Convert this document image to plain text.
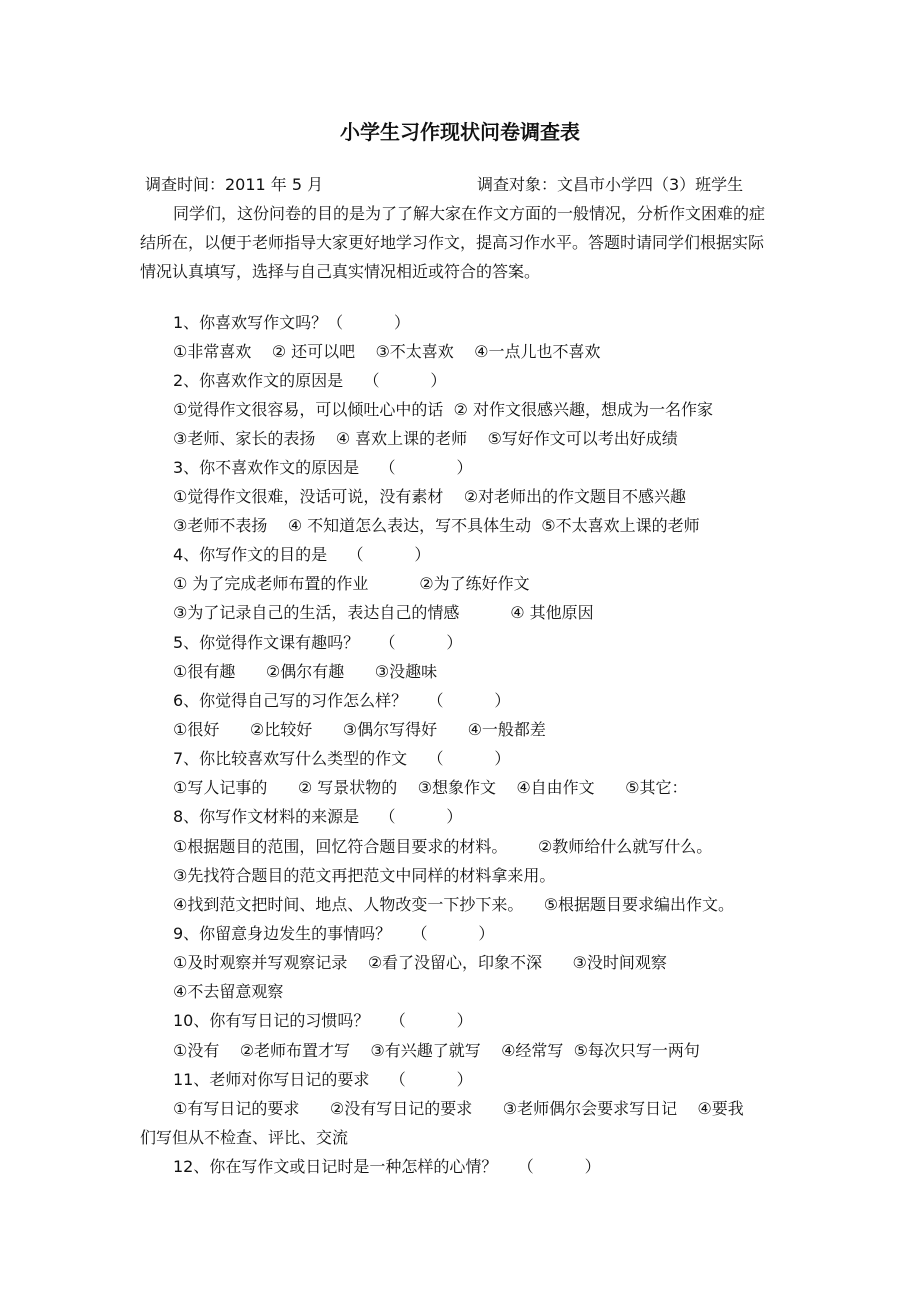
小学生习作现状问卷调查表
调查时间：2011 年 5 月	调查对象：文昌市小学四（3）班学生

同学们，这份问卷的目的是为了了解大家在作文方面的一般情况，分析作文困难的症结所在，以便于老师指导大家更好地学习作文，提高习作水平。答题时请同学们根据实际情况认真填写，选择与自己真实情况相近或符合的答案。

1、你喜欢写作文吗？（          ）
①非常喜欢    ② 还可以吧    ③不太喜欢    ④一点儿也不喜欢
2、你喜欢作文的原因是    （          ）
①觉得作文很容易，可以倾吐心中的话  ② 对作文很感兴趣，想成为一名作家
③老师、家长的表扬    ④ 喜欢上课的老师    ⑤写好作文可以考出好成绩
3、你不喜欢作文的原因是    （            ）
①觉得作文很难，没话可说，没有素材    ②对老师出的作文题目不感兴趣
③老师不表扬    ④ 不知道怎么表达，写不具体生动  ⑤不太喜欢上课的老师
4、你写作文的目的是    （          ）
① 为了完成老师布置的作业          ②为了练好作文
③为了记录自己的生活，表达自己的情感          ④ 其他原因
5、你觉得作文课有趣吗？    （          ）
①很有趣      ②偶尔有趣      ③没趣味
6、你觉得自己写的习作怎么样？    （          ）
①很好      ②比较好      ③偶尔写得好      ④一般都差
7、你比较喜欢写什么类型的作文    （          ）
①写人记事的      ② 写景状物的    ③想象作文    ④自由作文      ⑤其它：
8、你写作文材料的来源是    （          ）
①根据题目的范围，回忆符合题目要求的材料。      ②教师给什么就写什么。
③先找符合题目的范文再把范文中同样的材料拿来用。
④找到范文把时间、地点、人物改变一下抄下来。    ⑤根据题目要求编出作文。
9、你留意身边发生的事情吗？    （          ）
①及时观察并写观察记录    ②看了没留心，印象不深      ③没时间观察
④不去留意观察
10、你有写日记的习惯吗？    （          ）
①没有    ②老师布置才写    ③有兴趣了就写    ④经常写  ⑤每次只写一两句
11、老师对你写日记的要求    （          ）
①有写日记的要求      ②没有写日记的要求      ③老师偶尔会要求写日记    ④要我
们写但从不检查、评比、交流
12、你在写作文或日记时是一种怎样的心情？    （          ）
